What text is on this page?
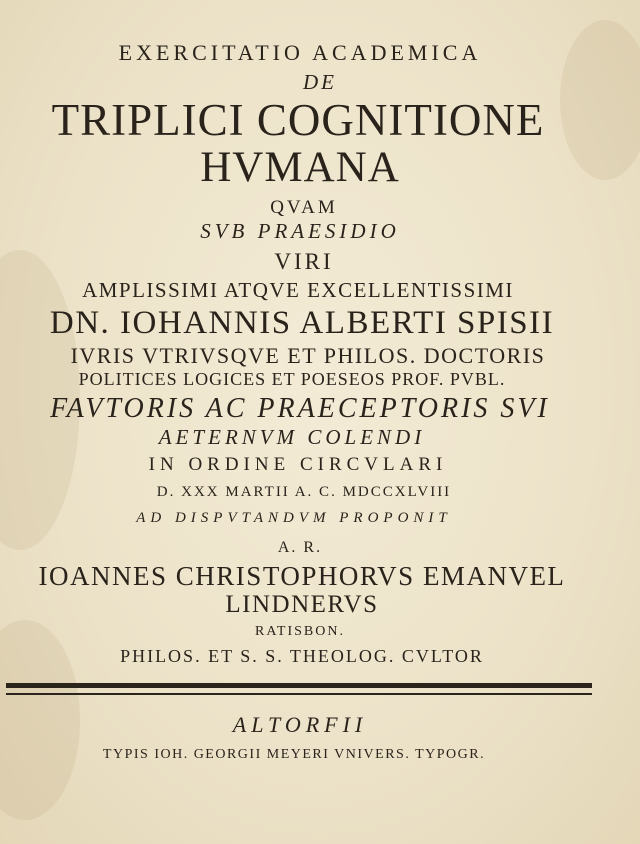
EXERCITATIO ACADEMICA
DE
TRIPLICI COGNITIONE
HVMANA
QVAM
SVB PRAESIDIO
VIRI
AMPLISSIMI ATQVE EXCELLENTISSIMI
DN. IOHANNIS ALBERTI SPISII
IVRIS VTRIVSQVE ET PHILOS. DOCTORIS
POLITICES LOGICES ET POESEOS PROF. PVBL.
FAVTORIS AC PRAECEPTORIS SVI
AETERNVM COLENDI
IN ORDINE CIRCVLARI
D. XXX MARTII A. C. MDCCXLVIII
AD DISPVTANDVM PROPONIT
A. R.
IOANNES CHRISTOPHORVS EMANVEL
LINDNERVS
RATISBON.
PHILOS. ET S. S. THEOLOG. CVLTOR
ALTORFII
TYPIS IOH. GEORGII MEYERI VNIVERS. TYPOGR.
